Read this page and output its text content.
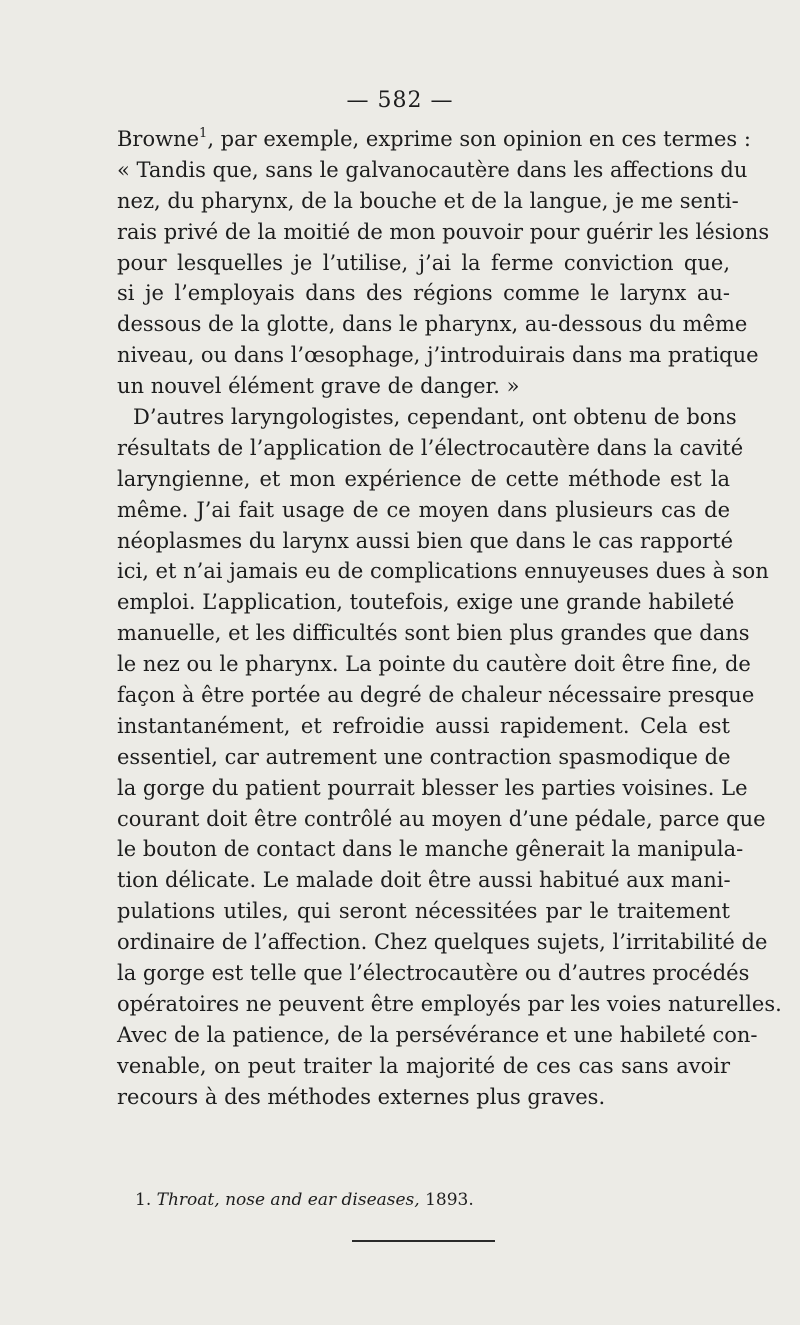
— 582 —
Browne$^1$, par exemple, exprime son opinion en ces termes :
« Tandis que, sans le galvanocautère dans les affections du
nez, du pharynx, de la bouche et de la langue, je me senti-
rais privé de la moitié de mon pouvoir pour guérir les lésions
pour lesquelles je l’utilise, j’ai la ferme conviction que,
si je l’employais dans des régions comme le larynx au-
dessous de la glotte, dans le pharynx, au-dessous du même
niveau, ou dans l’œsophage, j’introduirais dans ma pratique
un nouvel élément grave de danger. »
D’autres laryngologistes, cependant, ont obtenu de bons
résultats de l’application de l’électrocautère dans la cavité
laryngienne, et mon expérience de cette méthode est la
même. J’ai fait usage de ce moyen dans plusieurs cas de
néoplasmes du larynx aussi bien que dans le cas rapporté
ici, et n’ai jamais eu de complications ennuyeuses dues à son
emploi. L’application, toutefois, exige une grande habileté
manuelle, et les difficultés sont bien plus grandes que dans
le nez ou le pharynx. La pointe du cautère doit être fine, de
façon à être portée au degré de chaleur nécessaire presque
instantanément, et refroidie aussi rapidement. Cela est
essentiel, car autrement une contraction spasmodique de
la gorge du patient pourrait blesser les parties voisines. Le
courant doit être contrôlé au moyen d’une pédale, parce que
le bouton de contact dans le manche gênerait la manipula-
tion délicate. Le malade doit être aussi habitué aux mani-
pulations utiles, qui seront nécessitées par le traitement
ordinaire de l’affection. Chez quelques sujets, l’irritabilité de
la gorge est telle que l’électrocautère ou d’autres procédés
opératoires ne peuvent être employés par les voies naturelles.
Avec de la patience, de la persévérance et une habileté con-
venable, on peut traiter la majorité de ces cas sans avoir
recours à des méthodes externes plus graves.
1. Throat, nose and ear diseases, 1893.
